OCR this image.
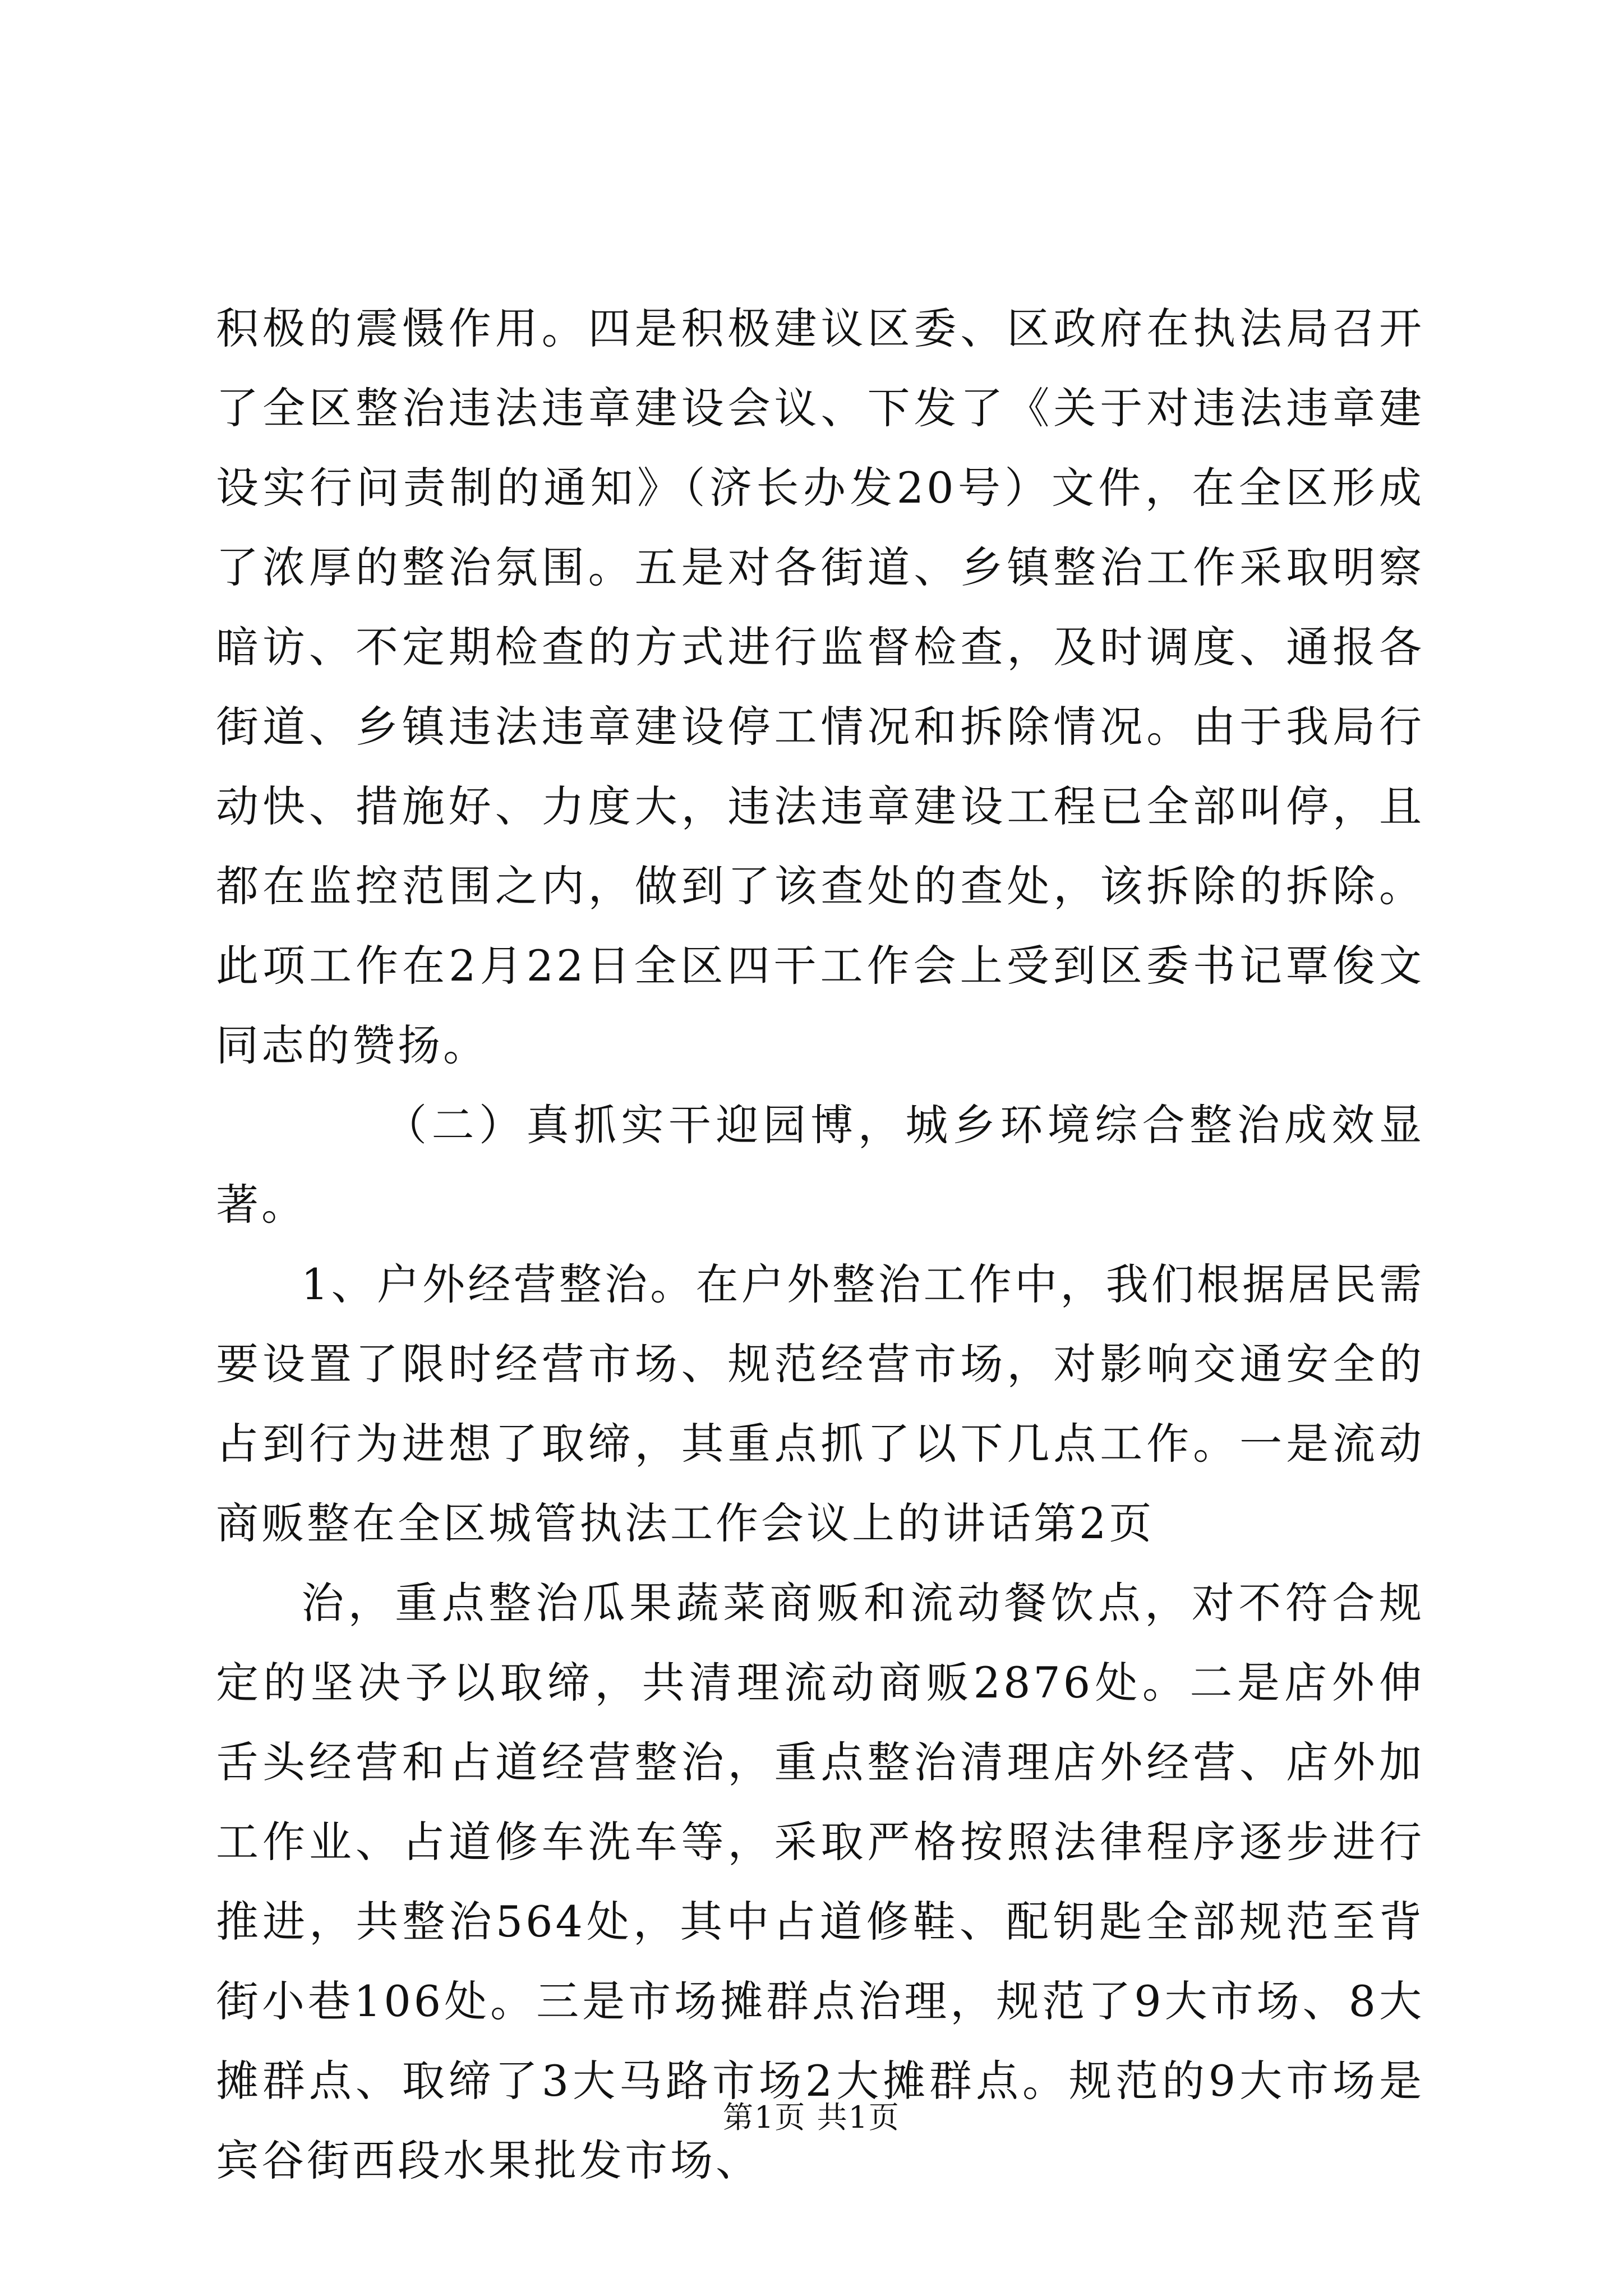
积极的震慑作用。四是积极建议区委、区政府在执法局召开了全区整治违法违章建设会议、下发了《关于对违法违章建设实行问责制的通知》（济长办发20号）文件，在全区形成了浓厚的整治氛围。五是对各街道、乡镇整治工作采取明察暗访、不定期检查的方式进行监督检查，及时调度、通报各街道、乡镇违法违章建设停工情况和拆除情况。由于我局行动快、措施好、力度大，违法违章建设工程已全部叫停，且都在监控范围之内，做到了该查处的查处，该拆除的拆除。此项工作在2月22日全区四干工作会上受到区委书记覃俊文同志的赞扬。

（二）真抓实干迎园博，城乡环境综合整治成效显著。

1、户外经营整治。在户外整治工作中，我们根据居民需要设置了限时经营市场、规范经营市场，对影响交通安全的占到行为进想了取缔，其重点抓了以下几点工作。一是流动商贩整在全区城管执法工作会议上的讲话第2页

治，重点整治瓜果蔬菜商贩和流动餐饮点，对不符合规定的坚决予以取缔，共清理流动商贩2876处。二是店外伸舌头经营和占道经营整治，重点整治清理店外经营、店外加工作业、占道修车洗车等，采取严格按照法律程序逐步进行推进，共整治564处，其中占道修鞋、配钥匙全部规范至背街小巷106处。三是市场摊群点治理，规范了9大市场、8大摊群点、取缔了3大马路市场2大摊群点。规范的9大市场是宾谷街西段水果批发市场、

第1页 共1页
